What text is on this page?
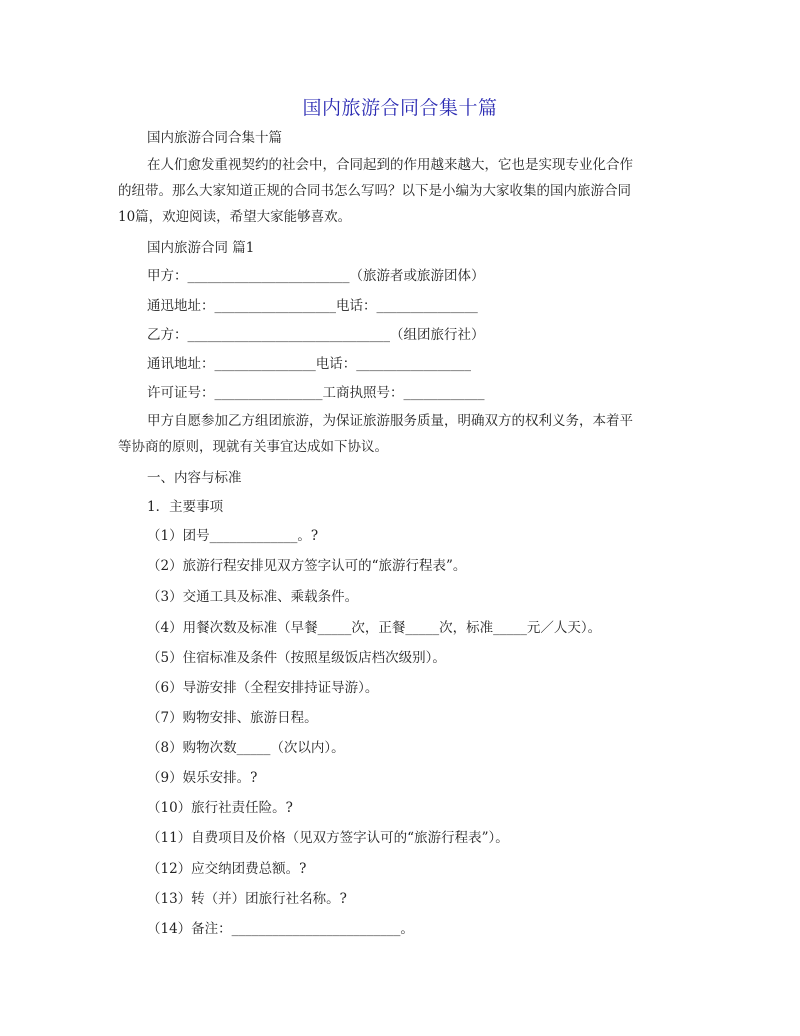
国内旅游合同合集十篇
国内旅游合同合集十篇
在人们愈发重视契约的社会中，合同起到的作用越来越大，它也是实现专业化合作的纽带。那么大家知道正规的合同书怎么写吗？以下是小编为大家收集的国内旅游合同10篇，欢迎阅读，希望大家能够喜欢。
国内旅游合同 篇1
甲方：________________________（旅游者或旅游团体）
通迅地址：__________________电话：_______________
乙方：______________________________（组团旅行社）
通讯地址：_______________电话：_________________
许可证号：________________工商执照号：____________
甲方自愿参加乙方组团旅游，为保证旅游服务质量，明确双方的权利义务，本着平等协商的原则，现就有关事宜达成如下协议。
一、内容与标准
1．主要事项
（1）团号_____________。?
（2）旅游行程安排见双方签字认可的“旅游行程表”。
（3）交通工具及标准、乘载条件。
（4）用餐次数及标准（早餐_____次，正餐_____次，标准_____元／人天）。
（5）住宿标准及条件（按照星级饭店档次级别）。
（6）导游安排（全程安排持证导游）。
（7）购物安排、旅游日程。
（8）购物次数_____（次以内）。
（9）娱乐安排。?
（10）旅行社责任险。?
（11）自费项目及价格（见双方签字认可的“旅游行程表”）。
（12）应交纳团费总额。?
（13）转（并）团旅行社名称。?
（14）备注：_________________________。
